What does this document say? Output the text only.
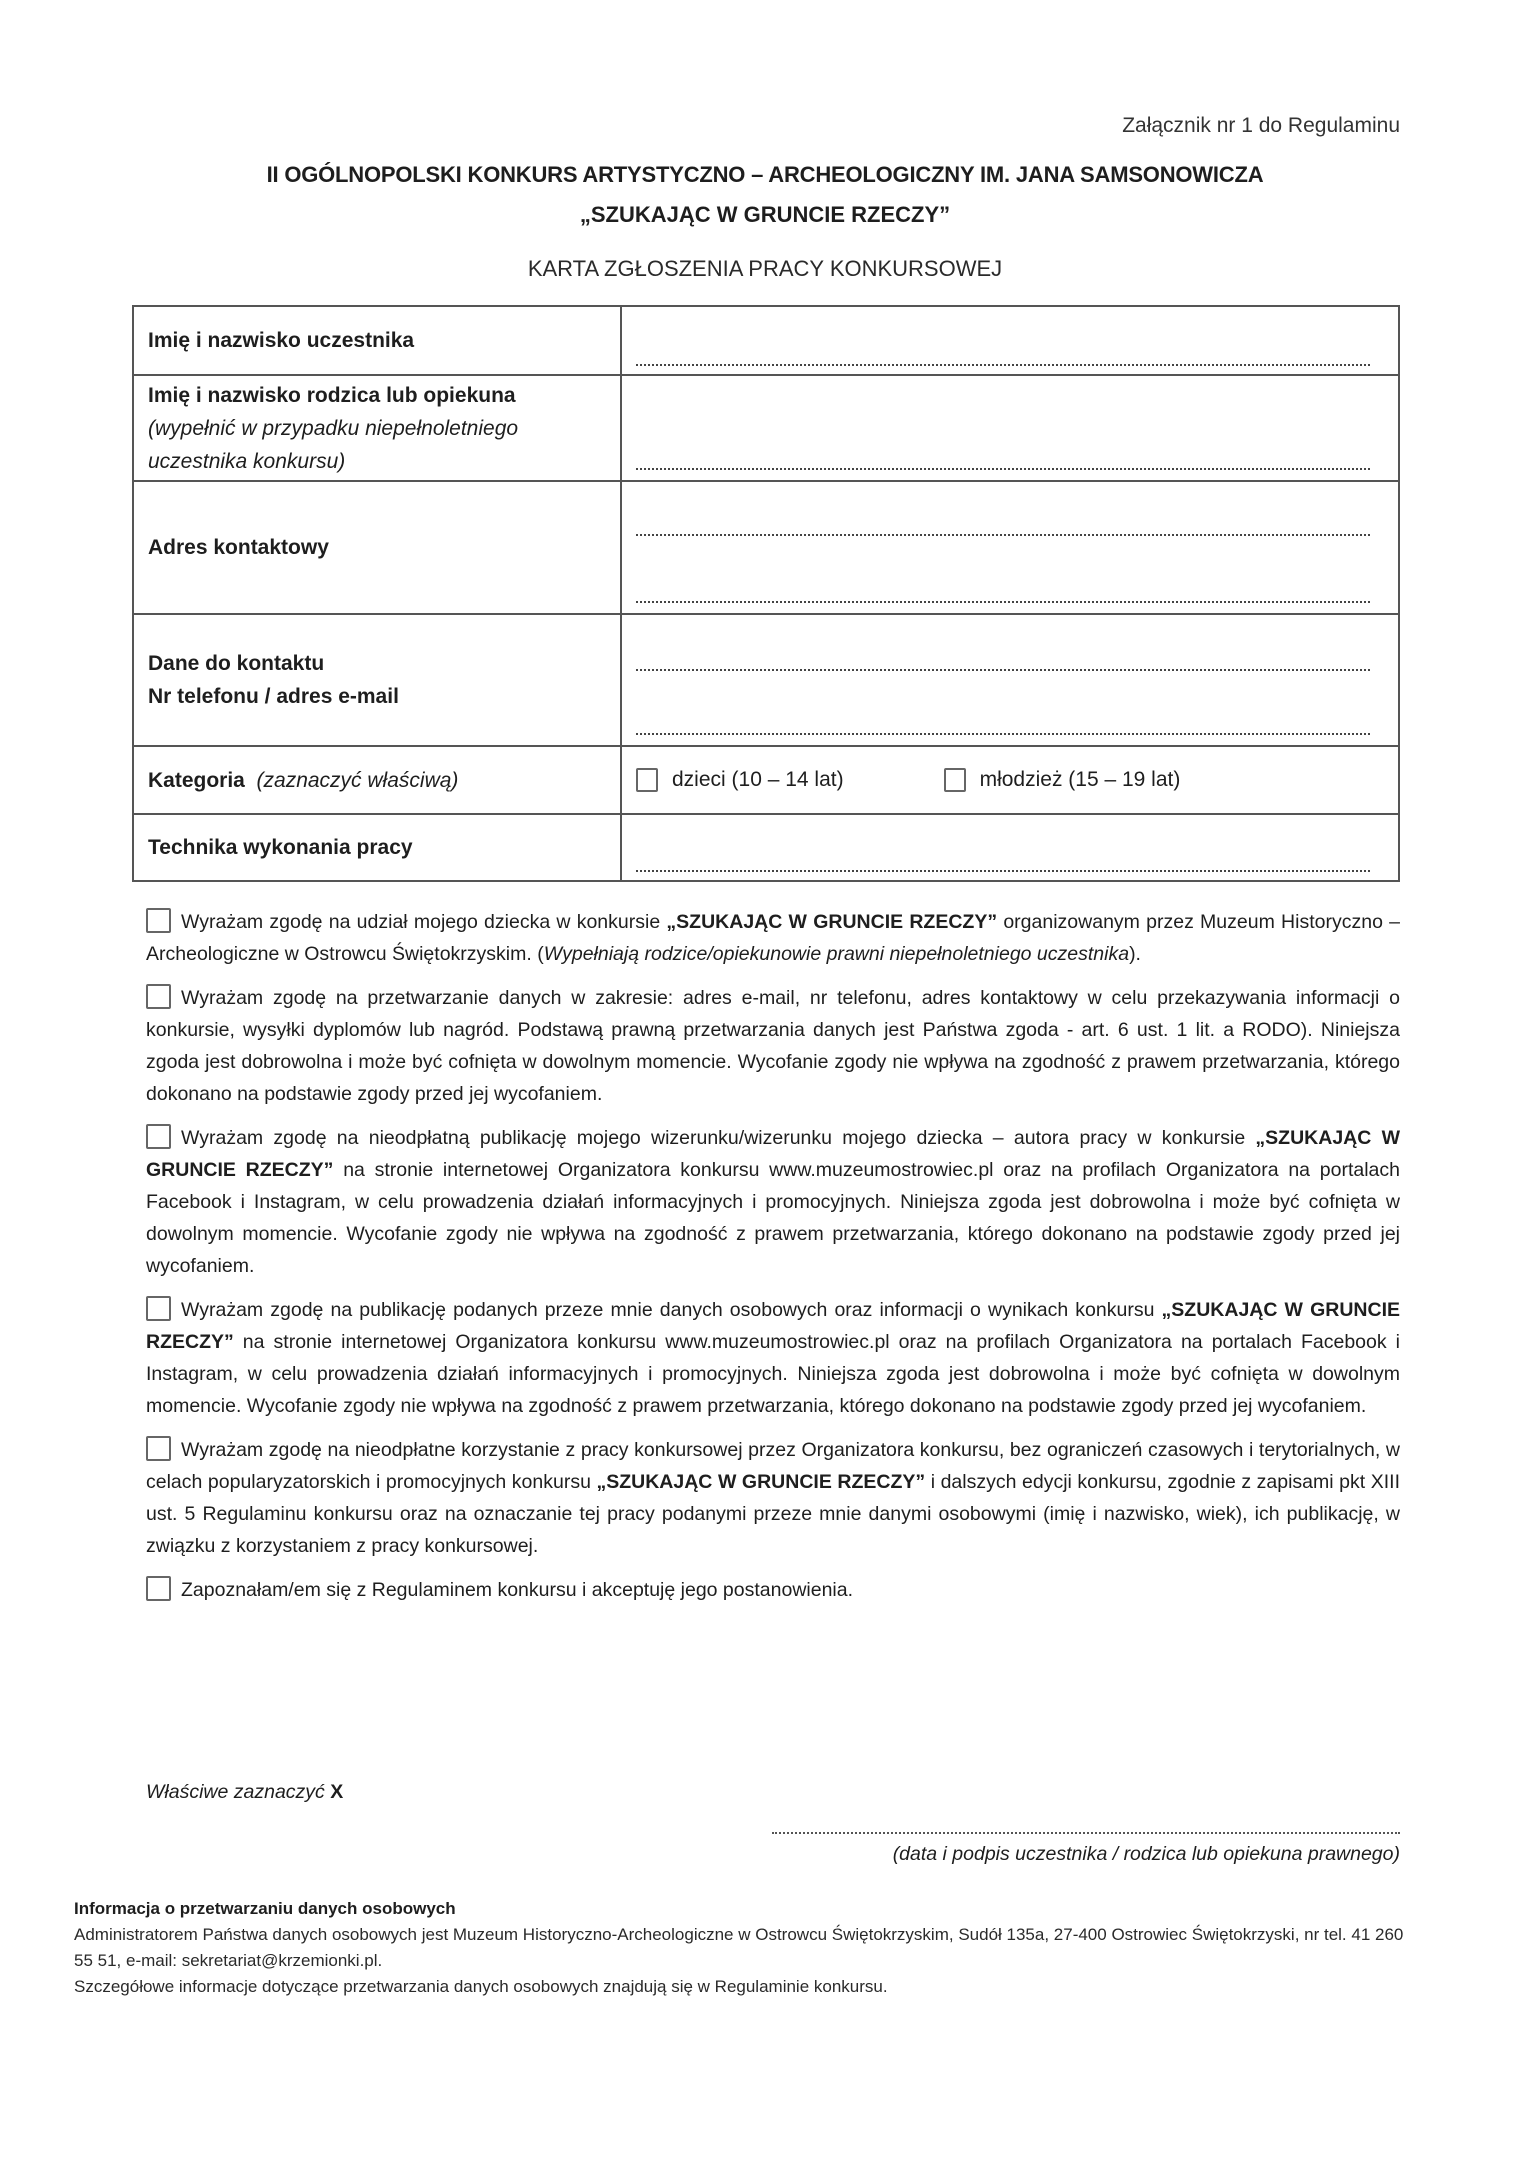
Załącznik nr 1 do Regulaminu
II OGÓLNOPOLSKI KONKURS ARTYSTYCZNO – ARCHEOLOGICZNY IM. JANA SAMSONOWICZA
„SZUKAJĄC W GRUNCIE RZECZY”
KARTA ZGŁOSZENIA PRACY KONKURSOWEJ
Imię i nazwisko uczestnika	

Imię i nazwisko rodzica lub opiekuna
(wypełnić w przypadku niepełnoletniego uczestnika konkursu)	

Adres kontaktowy	

Dane do kontaktu
Nr telefonu / adres e-mail	

Kategoria (zaznaczyć właściwą)	dzieci (10 – 14 lat) młodzież (15 – 19 lat)

Technika wykonania pracy	
Wyrażam zgodę na udział mojego dziecka w konkursie „SZUKAJĄC W GRUNCIE RZECZY” organizowanym przez Muzeum Historyczno – Archeologiczne w Ostrowcu Świętokrzyskim. (Wypełniają rodzice/opiekunowie prawni niepełnoletniego uczestnika).
Wyrażam zgodę na przetwarzanie danych w zakresie: adres e-mail, nr telefonu, adres kontaktowy w celu przekazywania informacji o konkursie, wysyłki dyplomów lub nagród. Podstawą prawną przetwarzania danych jest Państwa zgoda - art. 6 ust. 1 lit. a RODO). Niniejsza zgoda jest dobrowolna i może być cofnięta w dowolnym momencie. Wycofanie zgody nie wpływa na zgodność z prawem przetwarzania, którego dokonano na podstawie zgody przed jej wycofaniem.
Wyrażam zgodę na nieodpłatną publikację mojego wizerunku/wizerunku mojego dziecka – autora pracy w konkursie „SZUKAJĄC W GRUNCIE RZECZY” na stronie internetowej Organizatora konkursu www.muzeumostrowiec.pl oraz na profilach Organizatora na portalach Facebook i Instagram, w celu prowadzenia działań informacyjnych i promocyjnych. Niniejsza zgoda jest dobrowolna i może być cofnięta w dowolnym momencie. Wycofanie zgody nie wpływa na zgodność z prawem przetwarzania, którego dokonano na podstawie zgody przed jej wycofaniem.
Wyrażam zgodę na publikację podanych przeze mnie danych osobowych oraz informacji o wynikach konkursu „SZUKAJĄC W GRUNCIE RZECZY” na stronie internetowej Organizatora konkursu www.muzeumostrowiec.pl oraz na profilach Organizatora na portalach Facebook i Instagram, w celu prowadzenia działań informacyjnych i promocyjnych. Niniejsza zgoda jest dobrowolna i może być cofnięta w dowolnym momencie. Wycofanie zgody nie wpływa na zgodność z prawem przetwarzania, którego dokonano na podstawie zgody przed jej wycofaniem.
Wyrażam zgodę na nieodpłatne korzystanie z pracy konkursowej przez Organizatora konkursu, bez ograniczeń czasowych i terytorialnych, w celach popularyzatorskich i promocyjnych konkursu „SZUKAJĄC W GRUNCIE RZECZY” i dalszych edycji konkursu, zgodnie z zapisami pkt XIII ust. 5 Regulaminu konkursu oraz na oznaczanie tej pracy podanymi przeze mnie danymi osobowymi (imię i nazwisko, wiek), ich publikację, w związku z korzystaniem z pracy konkursowej.
Zapoznałam/em się z Regulaminem konkursu i akceptuję jego postanowienia.
Właściwe zaznaczyć X
(data i podpis uczestnika / rodzica lub opiekuna prawnego)
Informacja o przetwarzaniu danych osobowych
Administratorem Państwa danych osobowych jest Muzeum Historyczno-Archeologiczne w Ostrowcu Świętokrzyskim, Sudół 135a, 27-400 Ostrowiec Świętokrzyski, nr tel. 41 260 55 51, e-mail: sekretariat@krzemionki.pl.
Szczegółowe informacje dotyczące przetwarzania danych osobowych znajdują się w Regulaminie konkursu.
